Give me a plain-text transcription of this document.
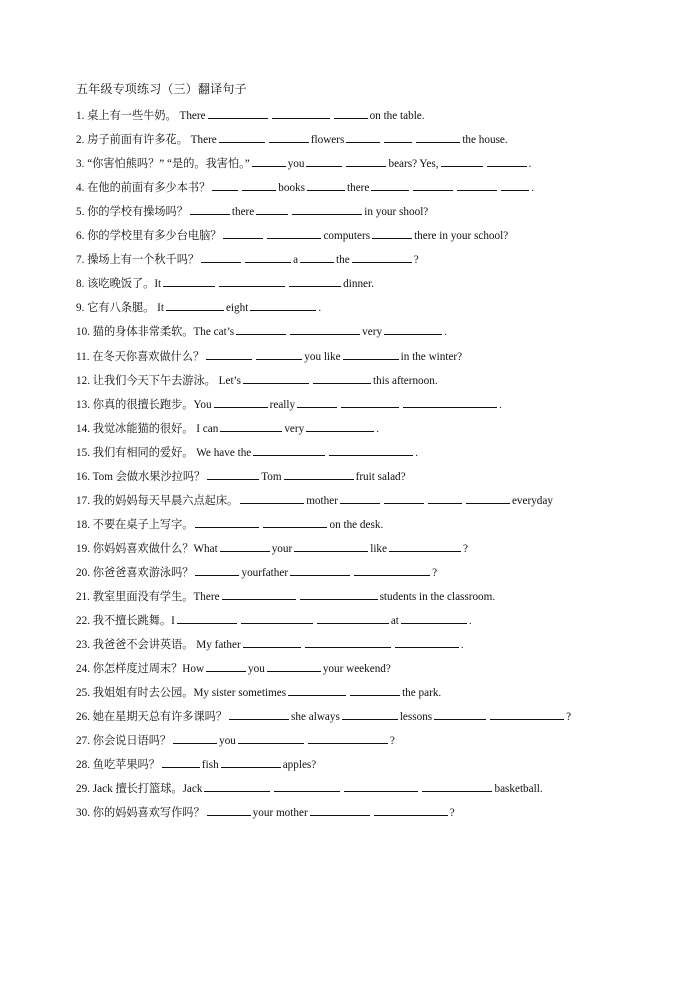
五年级专项练习（三）翻译句子
1. 桌上有一些牛奶。 There	on the table.
2. 房子前面有许多花。 There	flowers	the house.
3. “你害怕熊吗？” “是的。我害怕。”	you	bears? Yes,	.
4. 在他的前面有多少本书？	books	there	.
5. 你的学校有操场吗？	there	in your shool?
6. 你的学校里有多少台电脑？	computers	there in your school?
7. 操场上有一个秋千吗？	a	the	?
8. 该吃晚饭了。It	dinner.
9. 它有八条腿。 It	eight	.
10. 猫的身体非常柔软。The cat’s	very	.
11. 在冬天你喜欢做什么？	you like	in the winter?
12. 让我们今天下午去游泳。 Let’s	this afternoon.
13. 你真的很擅长跑步。You	really	.
14. 我觉冰能猫的很好。 I can	very	.
15. 我们有相同的爱好。 We have the	.
16. Tom 会做水果沙拉吗？	Tom	fruit salad?
17. 我的妈妈每天早晨六点起床。	mother	everyday
18. 不要在桌子上写字。	on the desk.
19. 你妈妈喜欢做什么？What	your	like	?
20. 你爸爸喜欢游泳吗？	yourfather	?
21. 教室里面没有学生。There	students in the classroom.
22. 我不擅长跳舞。I	at	.
23. 我爸爸不会讲英语。 My father	.
24. 你怎样度过周末？How	you	your weekend?
25. 我姐姐有时去公园。My sister sometimes	the park.
26. 她在星期天总有许多课吗？	she always	lessons	?
27. 你会说日语吗？	you	?
28. 鱼吃苹果吗？	fish	apples?
29. Jack 擅长打篮球。Jack	basketball.
30. 你的妈妈喜欢写作吗？	your mother	?
